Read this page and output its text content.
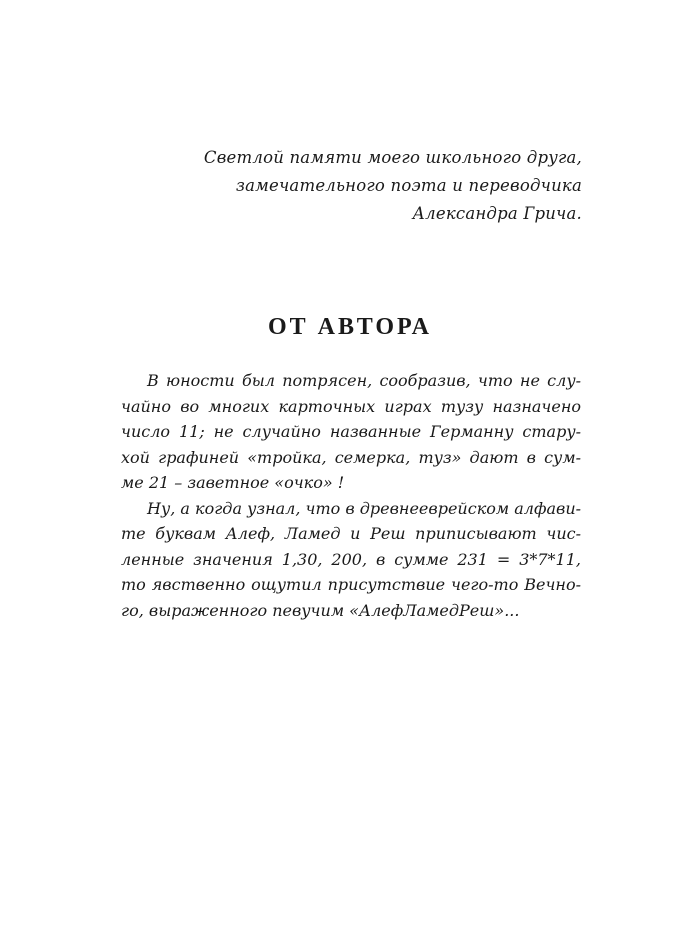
Светлой памяти моего школьного друга,
замечательного поэта и переводчика
Александра Грича.
ОТ АВТОРА
В юности был потрясен, сообразив, что не слу-
чайно во многих карточных играх тузу назначено
число 11; не случайно названные Германну стару-
хой графиней «тройка, семерка, туз» дают в сум-
ме 21 – заветное «очко» !
Ну, а когда узнал, что в древнееврейском алфави-
те буквам Алеф, Ламед и Реш приписывают чис-
ленные значения 1,30, 200, в сумме 231 = 3*7*11,
то явственно ощутил присутствие чего-то Вечно-
го, выраженного певучим «АлефЛамедРеш»...
